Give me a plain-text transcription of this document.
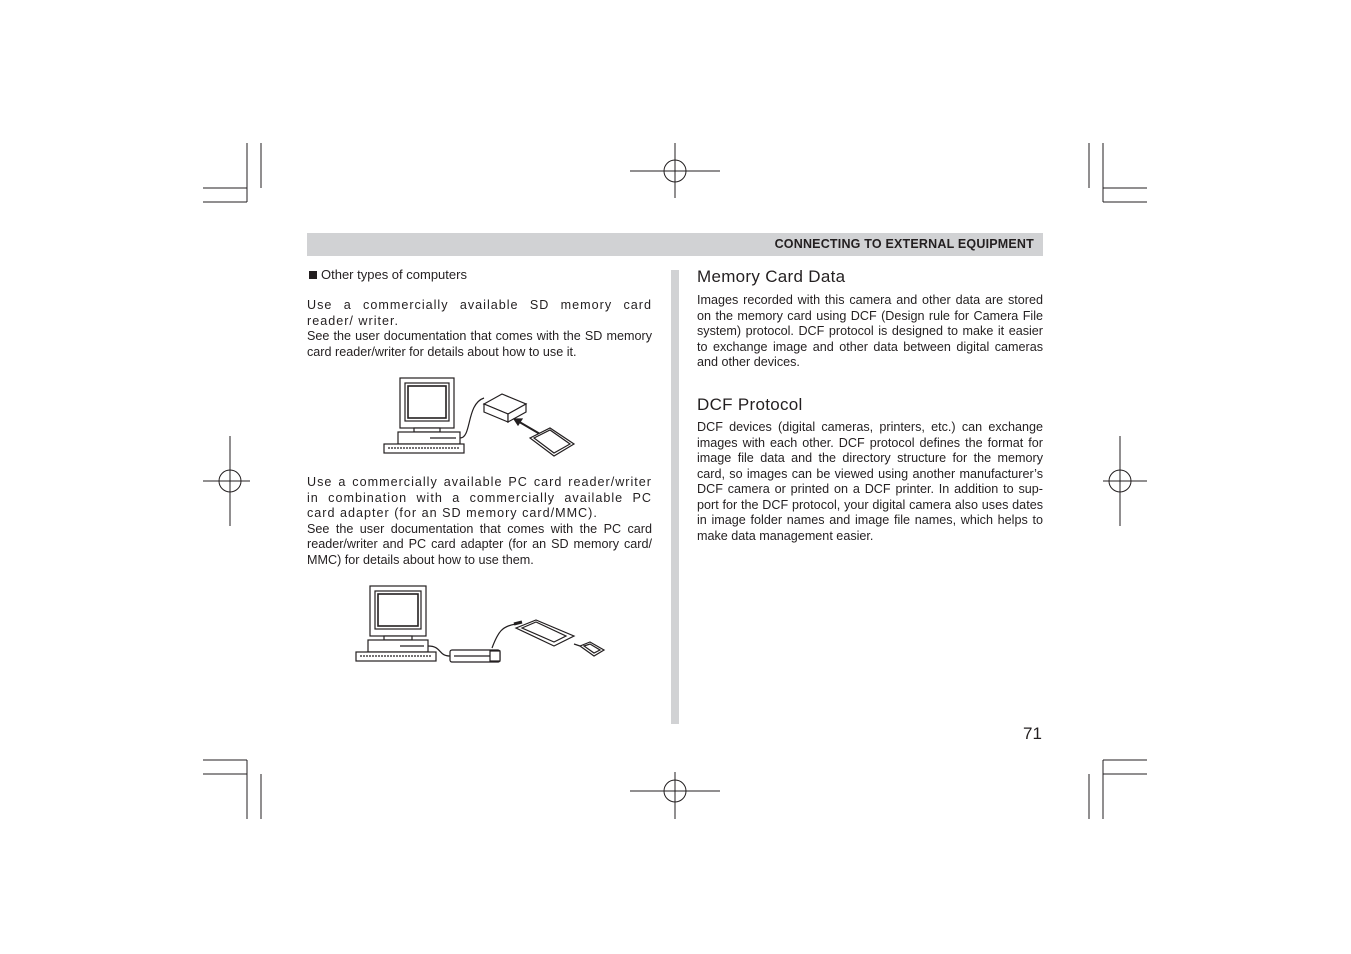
CONNECTING TO EXTERNAL EQUIPMENT
Other types of computers

Use a commercially available SD memory card reader/ writer.

See the user documentation that comes with the SD memory card reader/writer for details about how to use it.

Use a commercially available PC card reader/writer in combination with a commercially available PC card adapter (for an SD memory card/MMC).

See the user documentation that comes with the PC card reader/writer and PC card adapter (for an SD memory card/ MMC) for details about how to use them.

Memory Card Data
Images recorded with this camera and other data are stored on the memory card using DCF (Design rule for Camera File system) protocol. DCF protocol is designed to make it easier to exchange image and other data between digital cameras and other devices.
DCF Protocol
DCF devices (digital cameras, printers, etc.) can exchange images with each other. DCF protocol defines the format for image file data and the directory structure for the memory card, so images can be viewed using another manufacturer’s DCF camera or printed on a DCF printer. In addition to sup-port for the DCF protocol, your digital camera also uses dates in image folder names and image file names, which helps to make data management easier.
71
